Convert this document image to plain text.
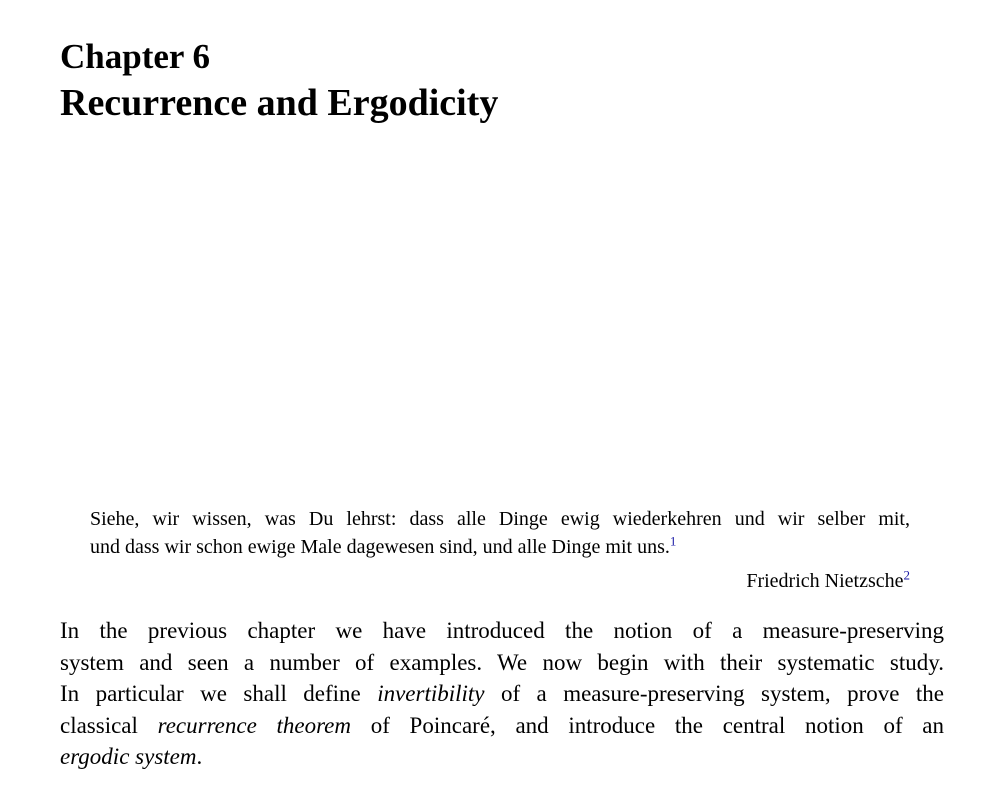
Chapter 6
Recurrence and Ergodicity

Siehe, wir wissen, was Du lehrst: dass alle Dinge ewig wiederkehren und wir selber mit,
und dass wir schon ewige Male dagewesen sind, und alle Dinge mit uns.$^1$

Friedrich Nietzsche$^2$

In the previous chapter we have introduced the notion of a measure-preserving
system and seen a number of examples. We now begin with their systematic study.
In particular we shall define invertibility of a measure-preserving system, prove the
classical recurrence theorem of Poincaré, and introduce the central notion of an
ergodic system.
